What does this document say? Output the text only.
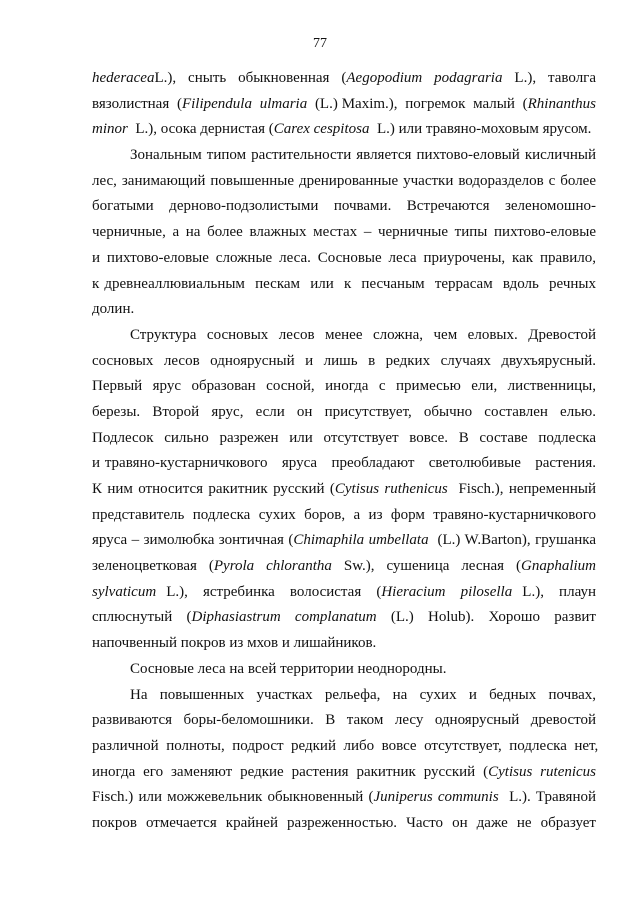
77
hederaceaL.),  сныть  обыкновенная  (Aegopodium  podagraria  L.),  таволга
вязолистная  (Filipendula  ulmaria  (L.) Maxim.),  погремок  малый  (Rhinanthus
minor  L.), осока дернистая (Carex cespitosa  L.) или травяно-моховым ярусом.
Зональным типом растительности является пихтово-еловый кисличный
лес, занимающий повышенные дренированные участки водоразделов с более
богатыми   дерново-подзолистыми   почвами.   Встречаются   зеленомошно-
черничные, а на более влажных местах – черничные типы пихтово-еловые
и пихтово-еловые сложные леса. Сосновые леса приурочены, как правило,
к древнеаллювиальным  пескам  или  к  песчаным  террасам  вдоль  речных
долин.
Структура  сосновых  лесов  менее  сложна,  чем  еловых.  Древостой
сосновых  лесов  одноярусный  и  лишь  в  редких  случаях  двухъярусный.
Первый  ярус  образован  сосной,  иногда  с  примесью  ели,  лиственницы,
березы.  Второй  ярус,  если  он  присутствует,  обычно  составлен  елью.
Подлесок  сильно  разрежен  или  отсутствует  вовсе.  В  составе  подлеска
и травяно-кустарничкового   яруса   преобладают   светолюбивые   растения.
К ним относится ракитник русский (Cytisus ruthenicus  Fisch.), непременный
представитель  подлеска  сухих  боров,  а  из  форм  травяно-кустарничкового
яруса – зимолюбка зонтичная (Chimaphila umbellata  (L.) W.Barton), грушанка
зеленоцветковая  (Pyrola  chlorantha  Sw.),  сушеница  лесная  (Gnaphalium
sylvaticum  L.),   ястребинка   волосистая   (Hieracium   pilosella  L.),   плаун
сплюснутый   (Diphasiastrum   complanatum   (L.)   Holub).   Хорошо   развит
напочвенный покров из мхов и лишайников.
Сосновые леса на всей территории неоднородны.
На   повышенных   участках   рельефа,   на   сухих   и   бедных   почвах,
развиваются  боры-беломошники.  В  таком  лесу  одноярусный  древостой
различной  полноты,  подрост  редкий  либо  вовсе  отсутствует,  подлеска  нет,
иногда  его  заменяют  редкие  растения  ракитник  русский  (Cytisus  rutenicus
Fisch.) или можжевельник обыкновенный (Juniperus communis  L.). Травяной
покров  отмечается  крайней  разреженностью.  Часто  он  даже  не  образует
